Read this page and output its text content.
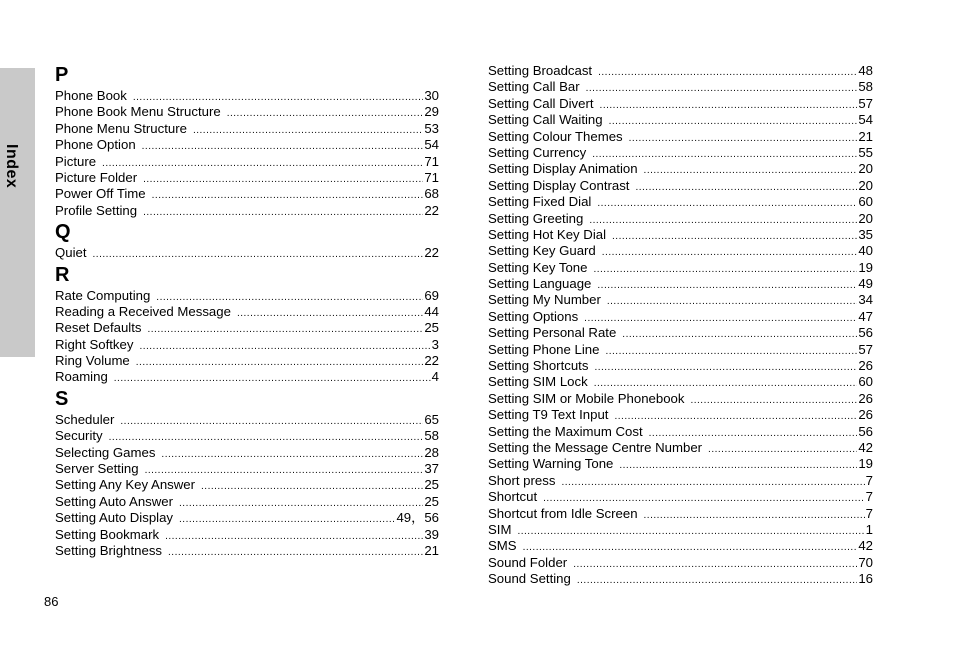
Index
P
Phone Book .....	30
Phone Book Menu Structure .....	29
Phone Menu Structure .....	53
Phone Option .....	54
Picture .....	71
Picture Folder .....	71
Power Off Time .....	68
Profile Setting .....	22
Q
Quiet .....	22
R
Rate Computing .....	69
Reading a Received Message .....	44
Reset Defaults .....	25
Right Softkey .....	3
Ring Volume .....	22
Roaming .....	4
S
Scheduler .....	65
Security .....	58
Selecting Games .....	28
Server Setting .....	37
Setting Any Key Answer .....	25
Setting Auto Answer .....	25
Setting Auto Display .....	49，56
Setting Bookmark .....	39
Setting Brightness .....	21
Setting Broadcast .....	48
Setting Call Bar .....	58
Setting Call Divert .....	57
Setting Call Waiting .....	54
Setting Colour Themes .....	21
Setting Currency .....	55
Setting Display Animation .....	20
Setting Display Contrast .....	20
Setting Fixed Dial .....	60
Setting Greeting .....	20
Setting Hot Key Dial .....	35
Setting Key Guard .....	40
Setting Key Tone .....	19
Setting Language .....	49
Setting My Number .....	34
Setting Options .....	47
Setting Personal Rate .....	56
Setting Phone Line .....	57
Setting Shortcuts .....	26
Setting SIM Lock .....	60
Setting SIM or Mobile Phonebook .....	26
Setting T9 Text Input .....	26
Setting the Maximum Cost .....	56
Setting the Message Centre Number .....	42
Setting Warning Tone .....	19
Short press .....	7
Shortcut .....	7
Shortcut from Idle Screen .....	7
SIM .....	1
SMS .....	42
Sound Folder .....	70
Sound Setting .....	16
86
